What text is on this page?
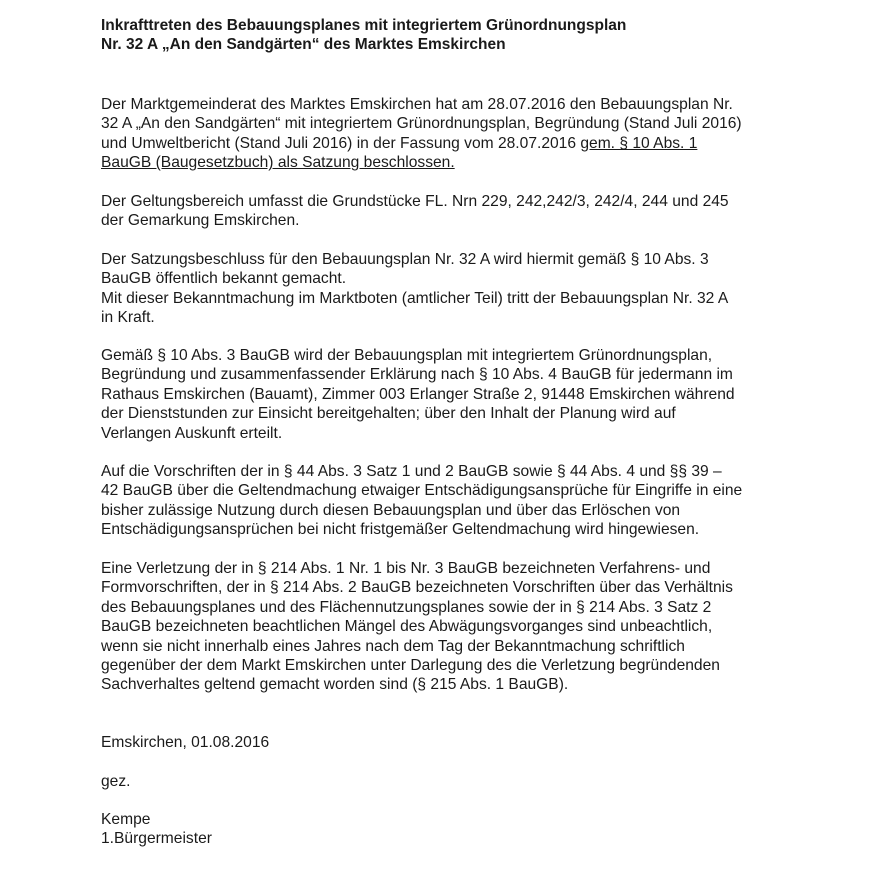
Inkrafttreten des Bebauungsplanes mit integriertem Grünordnungsplan
Nr. 32 A „An den Sandgärten“ des Marktes Emskirchen
Der Marktgemeinderat des Marktes Emskirchen hat am 28.07.2016 den Bebauungsplan Nr.
32 A „An den Sandgärten“ mit integriertem Grünordnungsplan, Begründung (Stand Juli 2016)
und Umweltbericht (Stand Juli 2016) in der Fassung vom 28.07.2016 gem. § 10 Abs. 1
BauGB (Baugesetzbuch) als Satzung beschlossen.
Der Geltungsbereich umfasst die Grundstücke FL. Nrn 229, 242,242/3, 242/4, 244 und 245
der Gemarkung Emskirchen.
Der Satzungsbeschluss für den Bebauungsplan Nr. 32 A wird hiermit gemäß § 10 Abs. 3
BauGB öffentlich bekannt gemacht.
Mit dieser Bekanntmachung im Marktboten (amtlicher Teil) tritt der Bebauungsplan Nr. 32 A
in Kraft.
Gemäß § 10 Abs. 3 BauGB wird der Bebauungsplan mit integriertem Grünordnungsplan,
Begründung und zusammenfassender Erklärung nach § 10 Abs. 4 BauGB für jedermann im
Rathaus Emskirchen (Bauamt), Zimmer 003 Erlanger Straße 2, 91448 Emskirchen während
der Dienststunden zur Einsicht bereitgehalten; über den Inhalt der Planung wird auf
Verlangen Auskunft erteilt.
Auf die Vorschriften der in § 44 Abs. 3 Satz 1 und 2 BauGB sowie § 44 Abs. 4 und §§ 39 –
42 BauGB über die Geltendmachung etwaiger Entschädigungsansprüche für Eingriffe in eine
bisher zulässige Nutzung durch diesen Bebauungsplan und über das Erlöschen von
Entschädigungsansprüchen bei nicht fristgemäßer Geltendmachung wird hingewiesen.
Eine Verletzung der in § 214 Abs. 1 Nr. 1 bis Nr. 3 BauGB bezeichneten Verfahrens- und
Formvorschriften, der in § 214 Abs. 2 BauGB bezeichneten Vorschriften über das Verhältnis
des Bebauungsplanes und des Flächennutzungsplanes sowie der in § 214 Abs. 3 Satz 2
BauGB bezeichneten beachtlichen Mängel des Abwägungsvorganges sind unbeachtlich,
wenn sie nicht innerhalb eines Jahres nach dem Tag der Bekanntmachung schriftlich
gegenüber der dem Markt Emskirchen unter Darlegung des die Verletzung begründenden
Sachverhaltes geltend gemacht worden sind (§ 215 Abs. 1 BauGB).
Emskirchen, 01.08.2016
gez.
Kempe
1.Bürgermeister
